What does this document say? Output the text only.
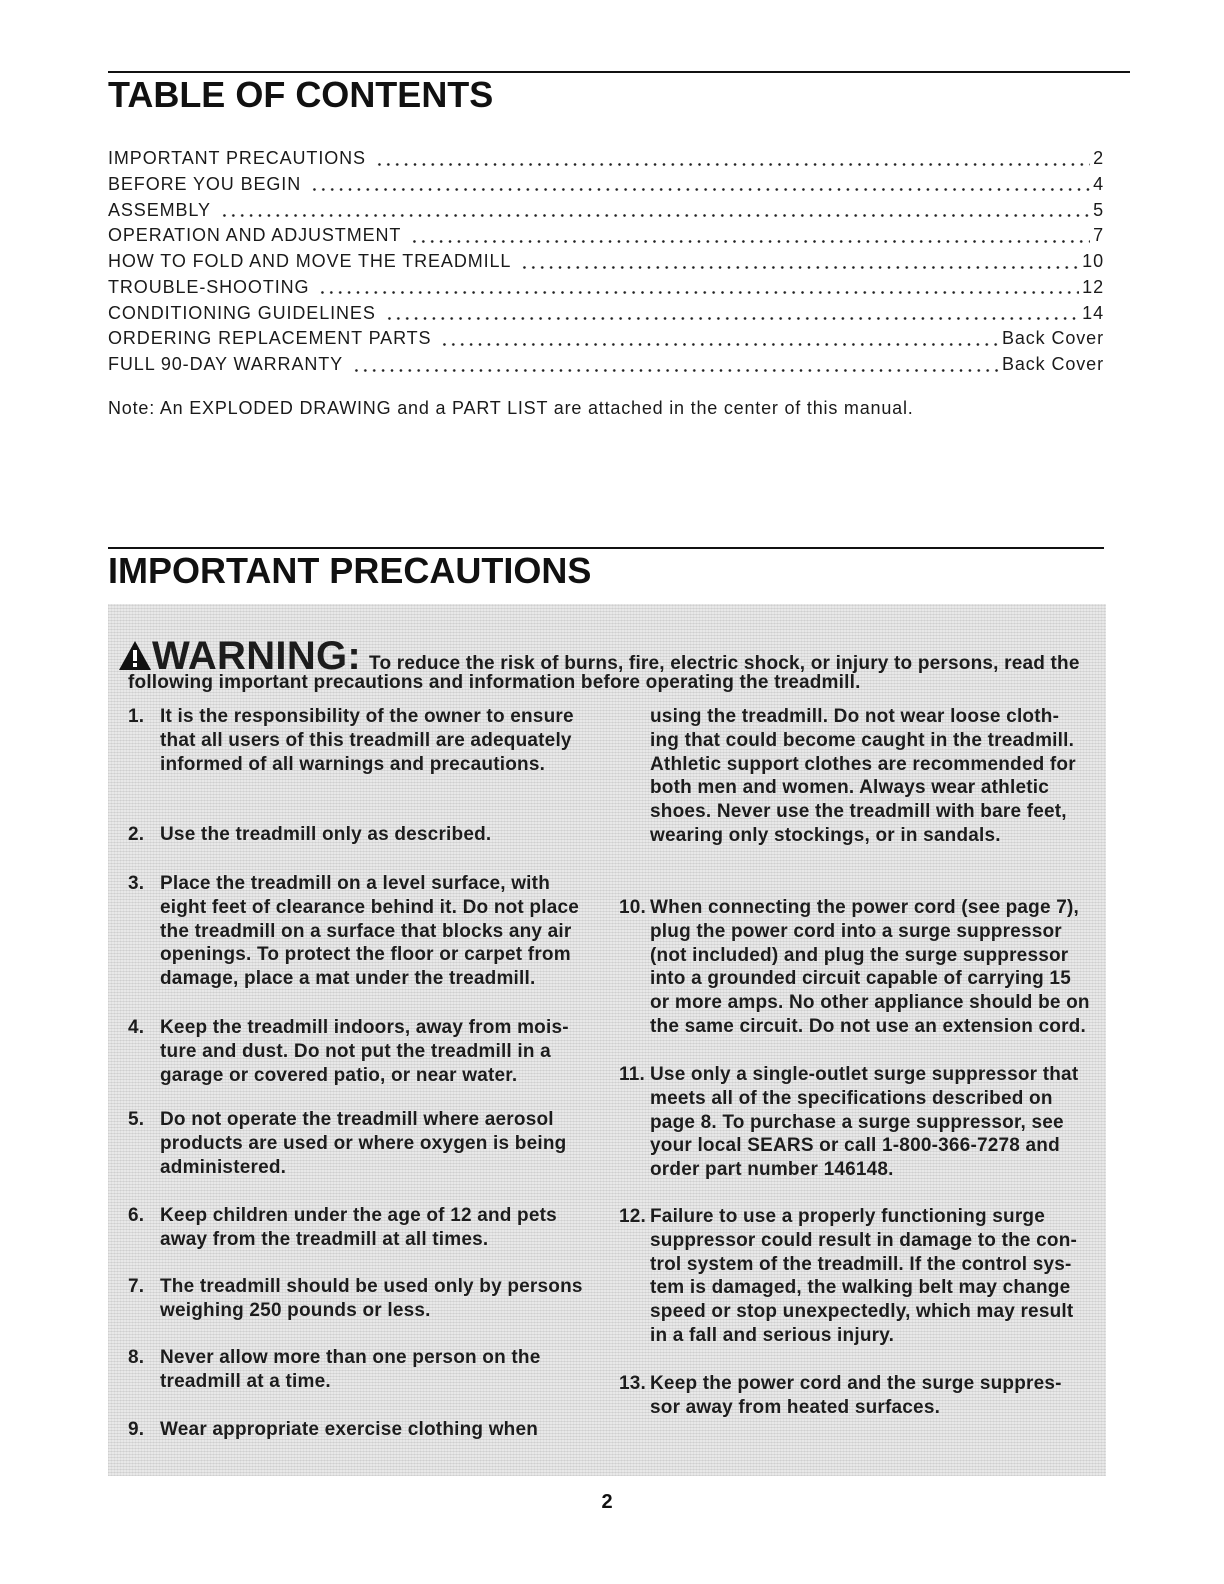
TABLE OF CONTENTS
IMPORTANT PRECAUTIONS	2
BEFORE YOU BEGIN	4
ASSEMBLY	5
OPERATION AND ADJUSTMENT	7
HOW TO FOLD AND MOVE THE TREADMILL	10
TROUBLE-SHOOTING	12
CONDITIONING GUIDELINES	14
ORDERING REPLACEMENT PARTS	Back Cover
FULL 90-DAY WARRANTY	Back Cover
Note: An EXPLODED DRAWING and a PART LIST are attached in the center of this manual.
IMPORTANT PRECAUTIONS
WARNING: To reduce the risk of burns, fire, electric shock, or injury to persons, read the
following important precautions and information before operating the treadmill.
1. It is the responsibility of the owner to ensure
that all users of this treadmill are adequately
informed of all warnings and precautions.
2. Use the treadmill only as described.
3. Place the treadmill on a level surface, with
eight feet of clearance behind it. Do not place
the treadmill on a surface that blocks any air
openings. To protect the floor or carpet from
damage, place a mat under the treadmill.
4. Keep the treadmill indoors, away from mois-
ture and dust. Do not put the treadmill in a
garage or covered patio, or near water.
5. Do not operate the treadmill where aerosol
products are used or where oxygen is being
administered.
6. Keep children under the age of 12 and pets
away from the treadmill at all times.
7. The treadmill should be used only by persons
weighing 250 pounds or less.
8. Never allow more than one person on the
treadmill at a time.
9. Wear appropriate exercise clothing when
using the treadmill. Do not wear loose cloth-
ing that could become caught in the treadmill.
Athletic support clothes are recommended for
both men and women. Always wear athletic
shoes. Never use the treadmill with bare feet,
wearing only stockings, or in sandals.
10. When connecting the power cord (see page 7),
plug the power cord into a surge suppressor
(not included) and plug the surge suppressor
into a grounded circuit capable of carrying 15
or more amps. No other appliance should be on
the same circuit. Do not use an extension cord.
11. Use only a single-outlet surge suppressor that
meets all of the specifications described on
page 8. To purchase a surge suppressor, see
your local SEARS or call 1-800-366-7278 and
order part number 146148.
12. Failure to use a properly functioning surge
suppressor could result in damage to the con-
trol system of the treadmill. If the control sys-
tem is damaged, the walking belt may change
speed or stop unexpectedly, which may result
in a fall and serious injury.
13. Keep the power cord and the surge suppres-
sor away from heated surfaces.
2
